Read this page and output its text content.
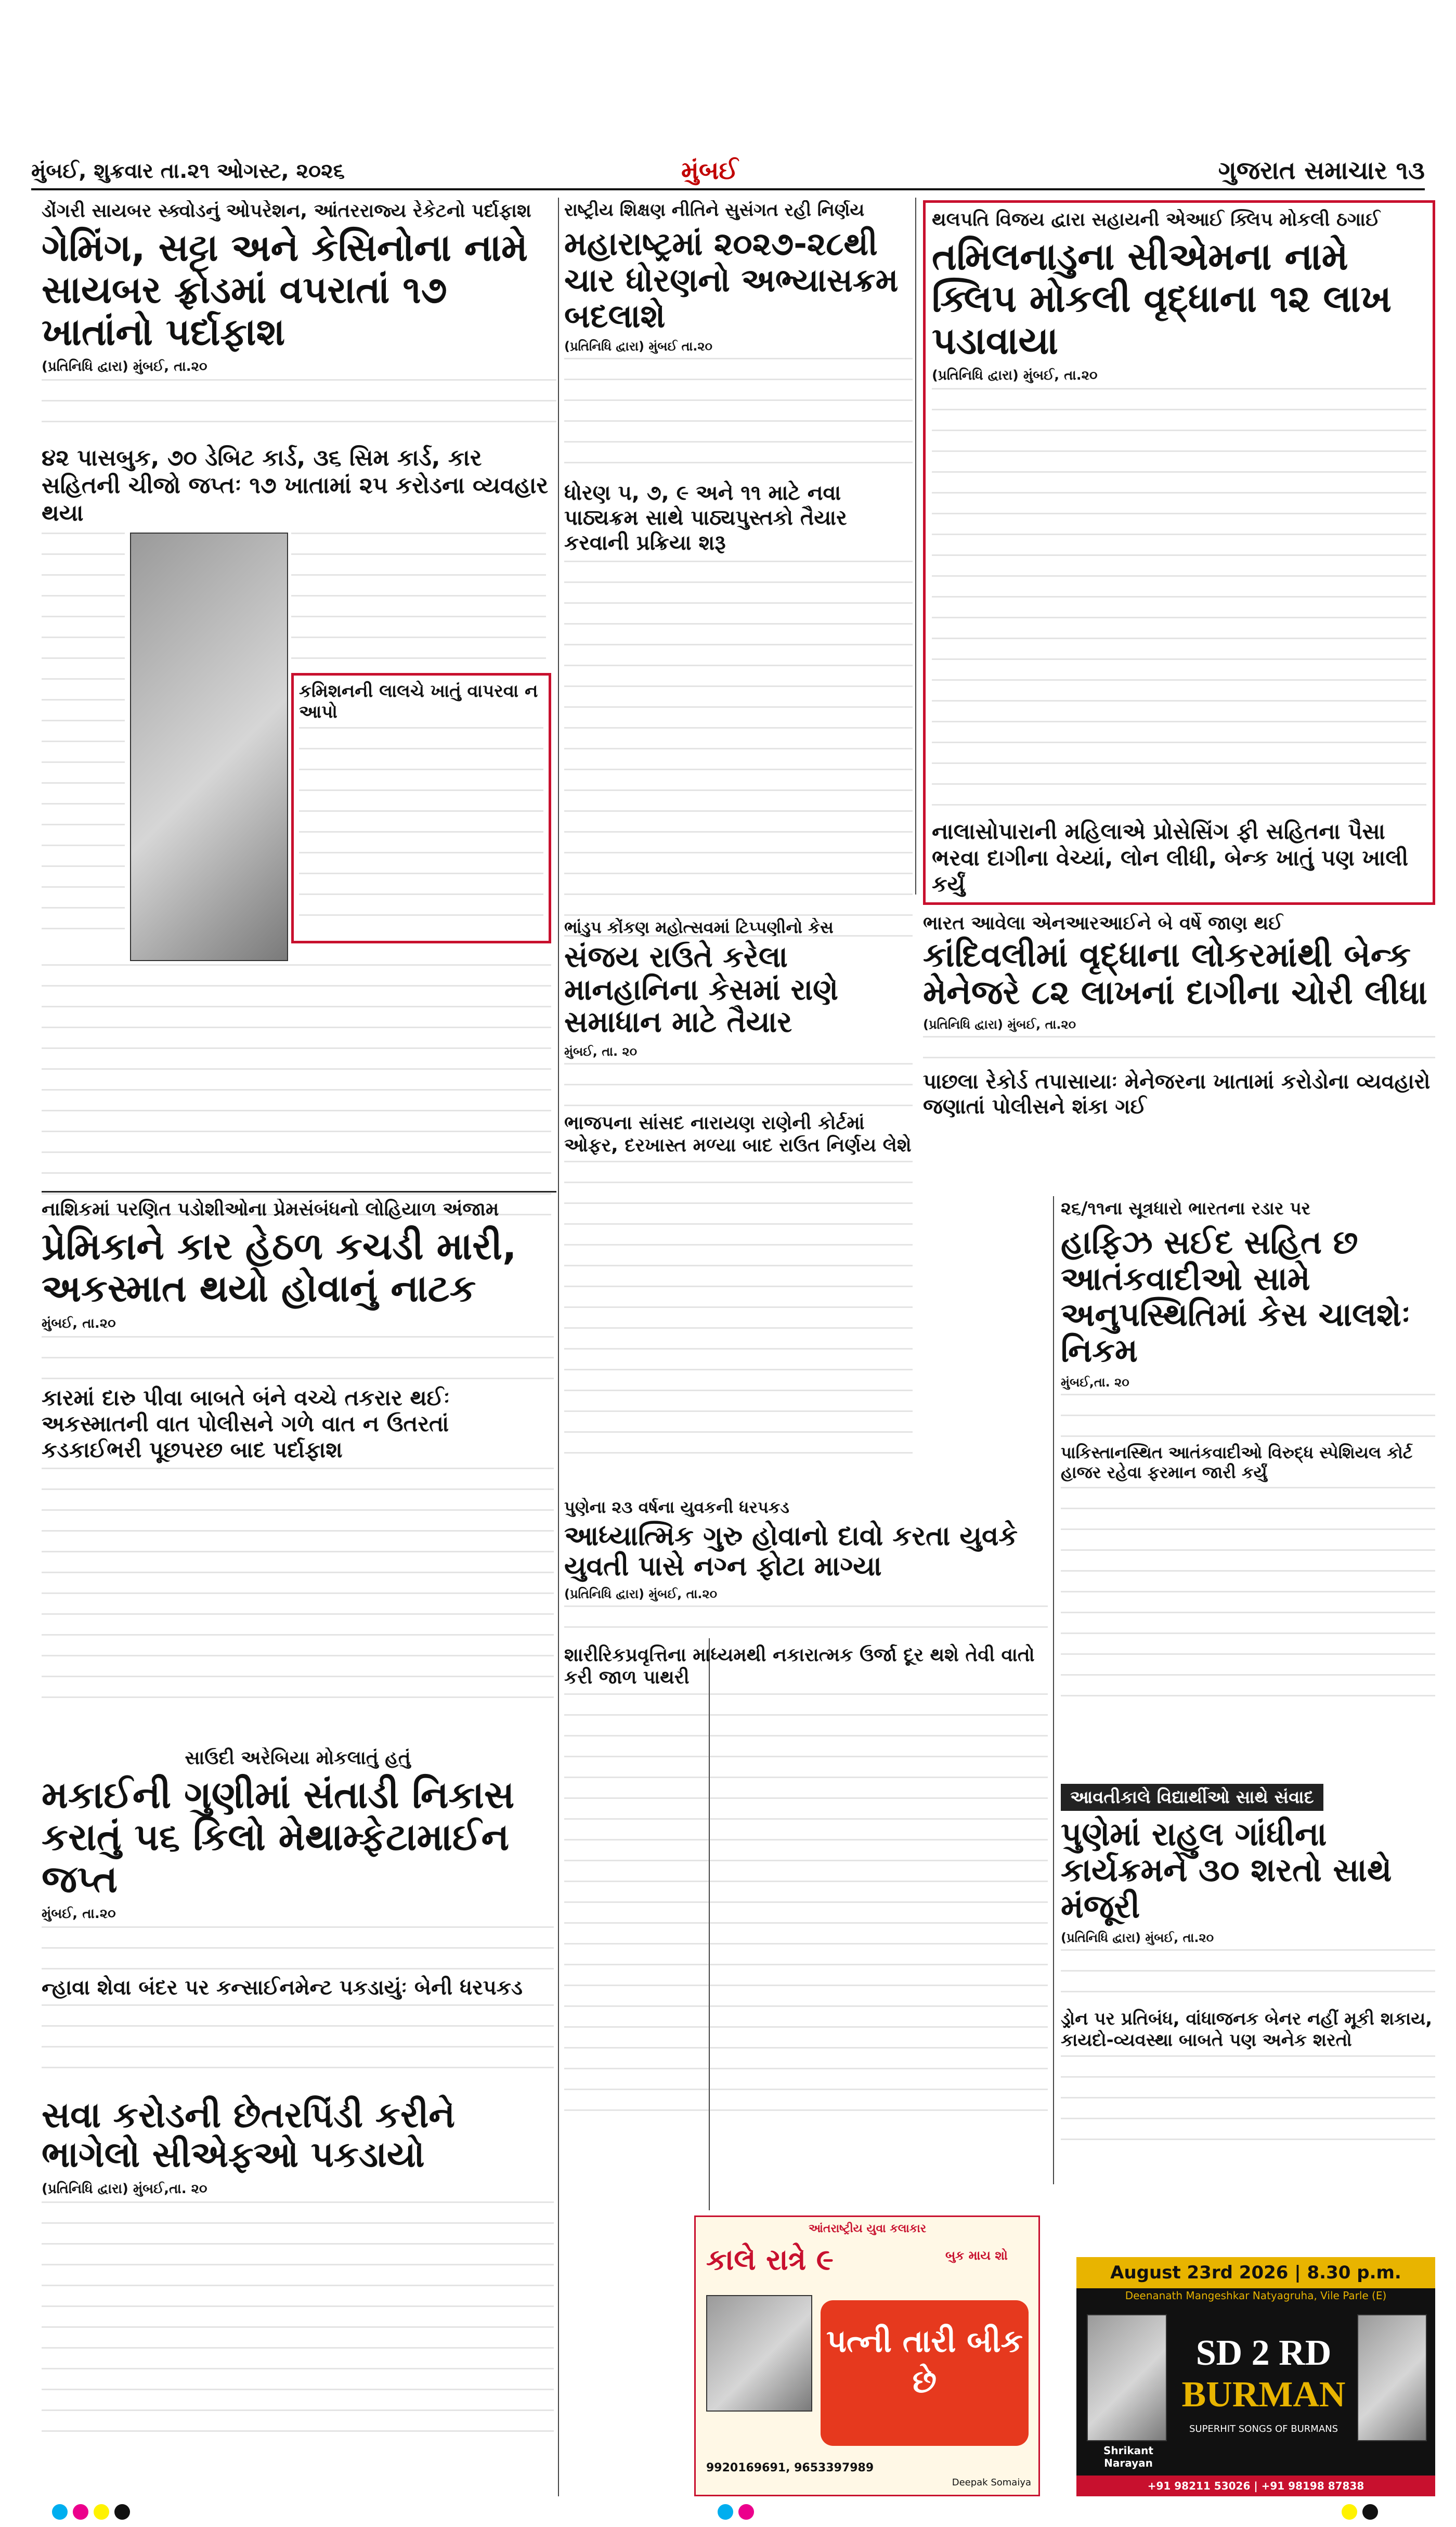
મુંબઈ, શુક્રવાર તા.૨૧ ઓગસ્ટ, ૨૦૨૬	મુંબઈ	ગુજરાત સમાચાર ૧૩
ડોંગરી સાયબર સ્ક્વોડનું ઓપરેશન, આંતરરાજ્ય રેકેટનો પર્દાફાશ
ગેમિંગ, સટ્ટા અને કેસિનોના નામે સાયબર ફ્રોડમાં વપરાતાં ૧૭ ખાતાંનો પર્દાફાશ
(પ્રતિનિધિ દ્વારા) મુંબઈ, તા.૨૦
૪૨ પાસબુક, ૭૦ ડેબિટ કાર્ડ, ૩૬ સિમ કાર્ડ, કાર સહિતની ચીજો જપ્તઃ ૧૭ ખાતામાં ૨૫ કરોડના વ્યવહાર થયા
કમિશનની લાલચે ખાતું વાપરવા ન આપો
રાષ્ટ્રીય શિક્ષણ નીતિને સુસંગત રહી નિર્ણય
મહારાષ્ટ્રમાં ૨૦૨૭-૨૮થી ચાર ધોરણનો અભ્યાસક્રમ બદલાશે
(પ્રતિનિધિ દ્વારા) મુંબઈ તા.૨૦
ધોરણ ૫, ૭, ૯ અને ૧૧ માટે નવા પાઠ્યક્રમ સાથે પાઠ્યપુસ્તકો તૈયાર કરવાની પ્રક્રિયા શરૂ
થલપતિ વિજય દ્વારા સહાયની એઆઈ ક્લિપ મોકલી ઠગાઈ
તમિલનાડુના સીએમના નામે ક્લિપ મોકલી વૃદ્ધાના ૧૨ લાખ પડાવાયા
(પ્રતિનિધિ દ્વારા) મુંબઈ, તા.૨૦
નાલાસોપારાની મહિલાએ પ્રોસેસિંગ ફી સહિતના પૈસા ભરવા દાગીના વેચ્યાં, લોન લીધી, બેન્ક ખાતું પણ ખાલી કર્યું
ભારત આવેલા એનઆરઆઈને બે વર્ષે જાણ થઈ
કાંદિવલીમાં વૃદ્ધાના લોકરમાંથી બેન્ક મેનેજરે ૮૨ લાખનાં દાગીના ચોરી લીધા
(પ્રતિનિધિ દ્વારા) મુંબઈ, તા.૨૦
પાછલા રેકોર્ડ તપાસાયાઃ મેનેજરના ખાતામાં કરોડોના વ્યવહારો જણાતાં પોલીસને શંકા ગઈ
ભાંડુપ કોંકણ મહોત્સવમાં ટિપ્પણીનો કેસ
સંજય રાઉતે કરેલા માનહાનિના કેસમાં રાણે સમાધાન માટે તૈયાર
મુંબઈ, તા. ૨૦
ભાજપના સાંસદ નારાયણ રાણેની કોર્ટમાં ઓફર, દરખાસ્ત મળ્યા બાદ રાઉત નિર્ણય લેશે
નાશિકમાં પરણિત પડોશીઓના પ્રેમસંબંધનો લોહિયાળ અંજામ
પ્રેમિકાને કાર હેઠળ કચડી મારી, અકસ્માત થયો હોવાનું નાટક
મુંબઈ, તા.૨૦
કારમાં દારુ પીવા બાબતે બંને વચ્ચે તકરાર થઈઃ અકસ્માતની વાત પોલીસને ગળે વાત ન ઉતરતાં કડકાઈભરી પૂછપરછ બાદ પર્દાફાશ
૨૬/૧૧ના સૂત્રધારો ભારતના રડાર પર
હાફિઝ સઈદ સહિત છ આતંકવાદીઓ સામે અનુપસ્થિતિમાં કેસ ચાલશેઃ નિકમ
મુંબઈ,તા. ૨૦
પાકિસ્તાનસ્થિત આતંકવાદીઓ વિરુદ્ધ સ્પેશિયલ કોર્ટ હાજર રહેવા ફરમાન જારી કર્યું
પુણેના ૨૩ વર્ષના યુવકની ધરપકડ
આધ્યાત્મિક ગુરુ હોવાનો દાવો કરતા યુવકે યુવતી પાસે નગ્ન ફોટા માગ્યા
(પ્રતિનિધિ દ્વારા) મુંબઈ, તા.૨૦
શારીરિકપ્રવૃત્તિના માધ્યમથી નકારાત્મક ઉર્જા દૂર થશે તેવી વાતો કરી જાળ પાથરી
સાઉદી અરેબિયા મોકલાતું હતું
મકાઈની ગુણીમાં સંતાડી નિકાસ કરાતું ૫૬ કિલો મેથામ્ફેટામાઈન જપ્ત
મુંબઈ, તા.૨૦
ન્હાવા શેવા બંદર પર કન્સાઈનમેન્ટ પકડાયુંઃ બેની ધરપકડ
સવા કરોડની છેતરપિંડી કરીને ભાગેલો સીએફઓ પકડાયો
(પ્રતિનિધિ દ્વારા) મુંબઈ,તા. ૨૦
આવતીકાલે વિદ્યાર્થીઓ સાથે સંવાદ
પુણેમાં રાહુલ ગાંધીના કાર્યક્રમને ૩૦ શરતો સાથે મંજૂરી
(પ્રતિનિધિ દ્વારા) મુંબઈ, તા.૨૦
ડ્રોન પર પ્રતિબંધ, વાંધાજનક બેનર નહીં મૂકી શકાય, કાયદો-વ્યવસ્થા બાબતે પણ અનેક શરતો
આંતરાષ્ટ્રીય યુવા કલાકાર
કાલે રાત્રે ૯	બુક માય શો
પત્ની તારી બીક છે
9920169691, 9653397989
Deepak Somaiya
August 23rd 2026 | 8.30 p.m.
Deenanath Mangeshkar Natyagruha, Vile Parle (E)
Shrikant Narayan
SD 2 RD
BURMAN
SUPERHIT SONGS OF BURMANS
+91 98211 53026 | +91 98198 87838
